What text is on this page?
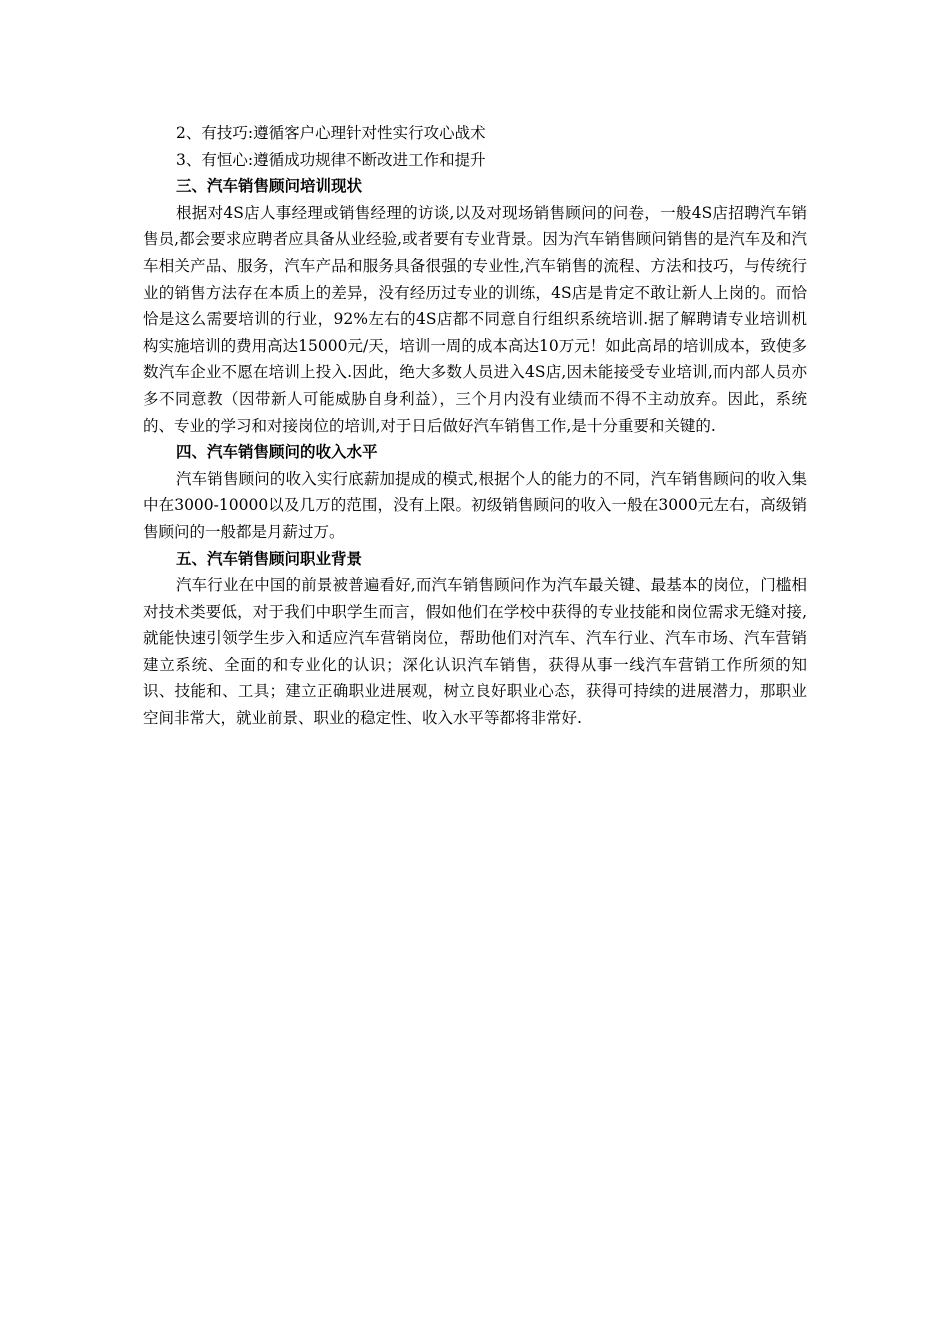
2、有技巧:遵循客户心理针对性实行攻心战术

3、有恒心:遵循成功规律不断改进工作和提升

三、汽车销售顾问培训现状

根据对4S店人事经理或销售经理的访谈,以及对现场销售顾问的问卷，一般4S店招聘汽车销售员,都会要求应聘者应具备从业经验,或者要有专业背景。因为汽车销售顾问销售的是汽车及和汽车相关产品、服务，汽车产品和服务具备很强的专业性,汽车销售的流程、方法和技巧，与传统行业的销售方法存在本质上的差异，没有经历过专业的训练，4S店是肯定不敢让新人上岗的。而恰恰是这么需要培训的行业，92%左右的4S店都不同意自行组织系统培训.据了解聘请专业培训机构实施培训的费用高达15000元/天，培训一周的成本高达10万元！如此高昂的培训成本，致使多数汽车企业不愿在培训上投入.因此，绝大多数人员进入4S店,因未能接受专业培训,而内部人员亦多不同意教（因带新人可能威胁自身利益），三个月内没有业绩而不得不主动放弃。因此，系统的、专业的学习和对接岗位的培训,对于日后做好汽车销售工作,是十分重要和关键的.

四、汽车销售顾问的收入水平

汽车销售顾问的收入实行底薪加提成的模式,根据个人的能力的不同，汽车销售顾问的收入集中在3000-10000以及几万的范围，没有上限。初级销售顾问的收入一般在3000元左右，高级销售顾问的一般都是月薪过万。

五、汽车销售顾问职业背景

汽车行业在中国的前景被普遍看好,而汽车销售顾问作为汽车最关键、最基本的岗位，门槛相对技术类要低，对于我们中职学生而言，假如他们在学校中获得的专业技能和岗位需求无缝对接,就能快速引领学生步入和适应汽车营销岗位，帮助他们对汽车、汽车行业、汽车市场、汽车营销建立系统、全面的和专业化的认识；深化认识汽车销售，获得从事一线汽车营销工作所须的知识、技能和、工具；建立正确职业进展观，树立良好职业心态，获得可持续的进展潜力，那职业空间非常大，就业前景、职业的稳定性、收入水平等都将非常好.
